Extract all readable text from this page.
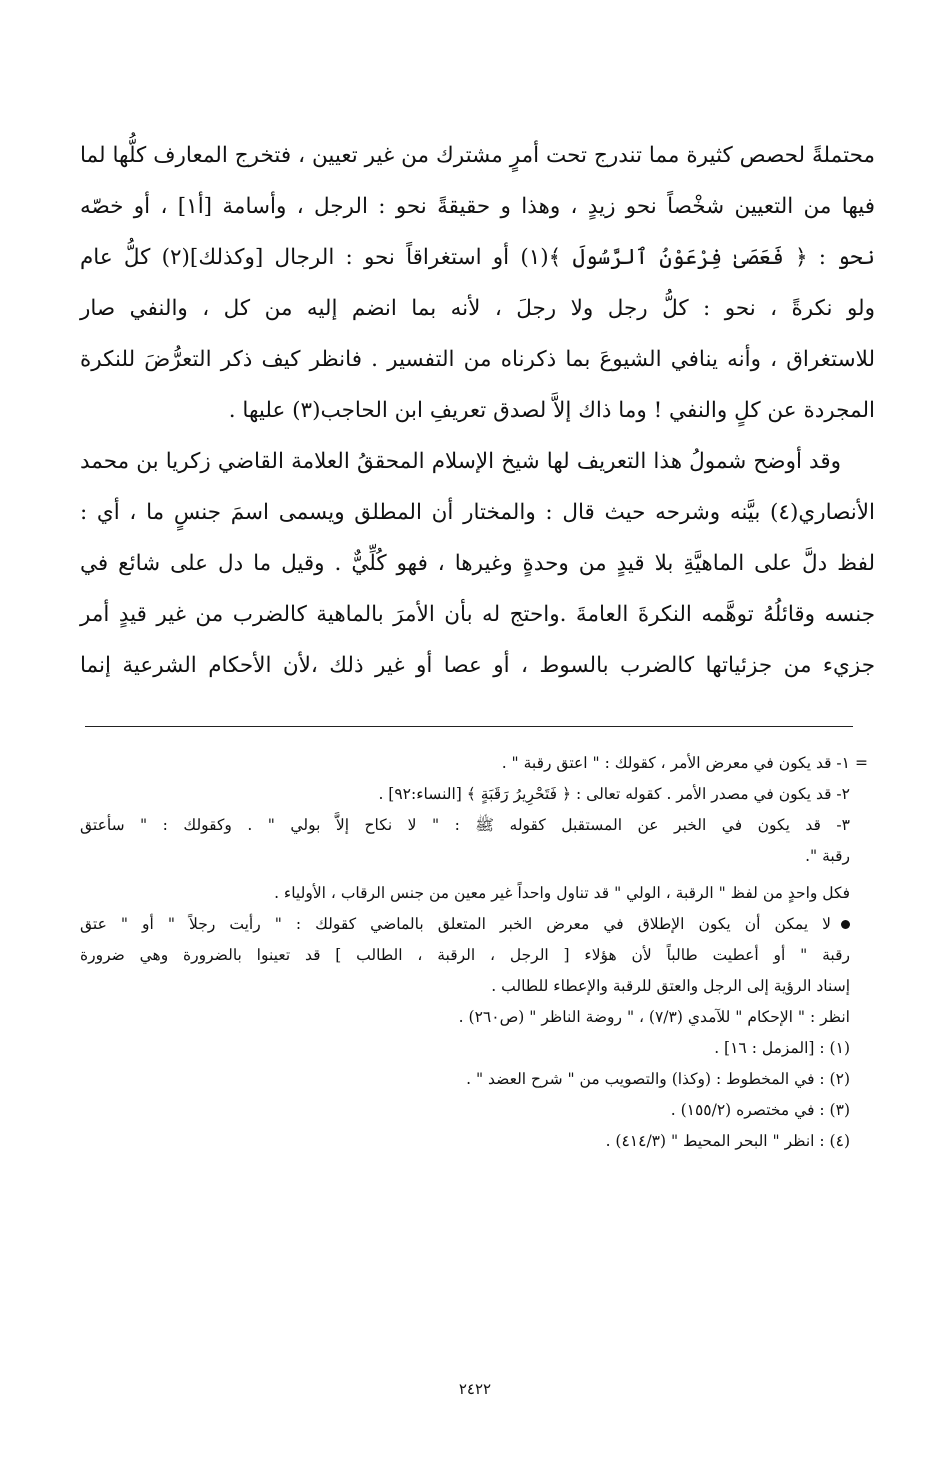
محتملةً لحصص كثيرة مما تندرج تحت أمرٍ مشترك من غير تعيين ، فتخرج المعارف كلُّها لما
فيها من التعيين شخْصاً نحو زيدٍ ، وهذا و حقيقةً نحو : الرجل ، وأسامة [أ١] ، أو خصّه
نحو : ﴿ فَعَصَىٰ فِرْعَوْنُ ٱلرَّسُولَ ﴾(١) أو استغراقاً نحو : الرجال [وكذلك](٢) كلُّ عام
ولو نكرةً ، نحو : كلُّ رجل ولا رجلَ ، لأنه بما انضم إليه من كل ، والنفي صار
للاستغراق ، وأنه ينافي الشيوعَ بما ذكرناه من التفسير . فانظر كيف ذكر التعرُّضَ للنكرة
المجردة عن كلٍ والنفي ! وما ذاك إلاَّ لصدق تعريفِ ابن الحاجب(٣) عليها .
وقد أوضح شمولُ هذا التعريف لها شيخ الإسلام المحققُ العلامة القاضي زكريا بن محمد
الأنصاري(٤) بيَّنه وشرحه حيث قال : والمختار أن المطلق ويسمى اسمَ جنسٍ ما ، أي :
لفظ دلَّ على الماهيَّةِ بلا قيدٍ من وحدةٍ وغيرها ، فهو كُلِّيٌّ . وقيل ما دل على شائع في
جنسه وقائلُهُ توهَّمه النكرةَ العامةَ .واحتج له بأن الأمرَ بالماهية كالضرب من غير قيدٍ أمر
جزيء من جزئياتها كالضرب بالسوط ، أو عصا أو غير ذلك ،لأن الأحكام الشرعية إنما
=
١- قد يكون في معرض الأمر ، كقولك : " اعتق رقبة " .
٢- قد يكون في مصدر الأمر . كقوله تعالى : ﴿ فَتَحْرِيرُ رَقَبَةٍ ﴾ [النساء:٩٢] .
٣- قد يكون في الخبر عن المستقبل كقوله ﷺ : " لا نكاح إلاَّ بولي " . وكقولك : " سأعتق
رقبة ".
فكل واحدٍ من لفظ " الرقبة ، الولي " قد تناول واحداً غير معين من جنس الرقاب ، الأولياء .
لا يمكن أن يكون الإطلاق في معرض الخبر المتعلق بالماضي كقولك : " رأيت رجلاً " أو " عتق
رقبة " أو أعطيت طالباً لأن هؤلاء [ الرجل ، الرقبة ، الطالب ] قد تعينوا بالضرورة وهي ضرورة
إسناد الرؤية إلى الرجل والعتق للرقبة والإعطاء للطالب .
انظر : " الإحكام " للآمدي (٧/٣) ، " روضة الناظر " (ص٢٦٠) .
(١) : [المزمل : ١٦] .
(٢) : في المخطوط : (وكذا) والتصويب من " شرح العضد " .
(٣) : في مختصره (١٥٥/٢) .
(٤) : انظر " البحر المحيط " (٤١٤/٣) .
٢٤٢٢
